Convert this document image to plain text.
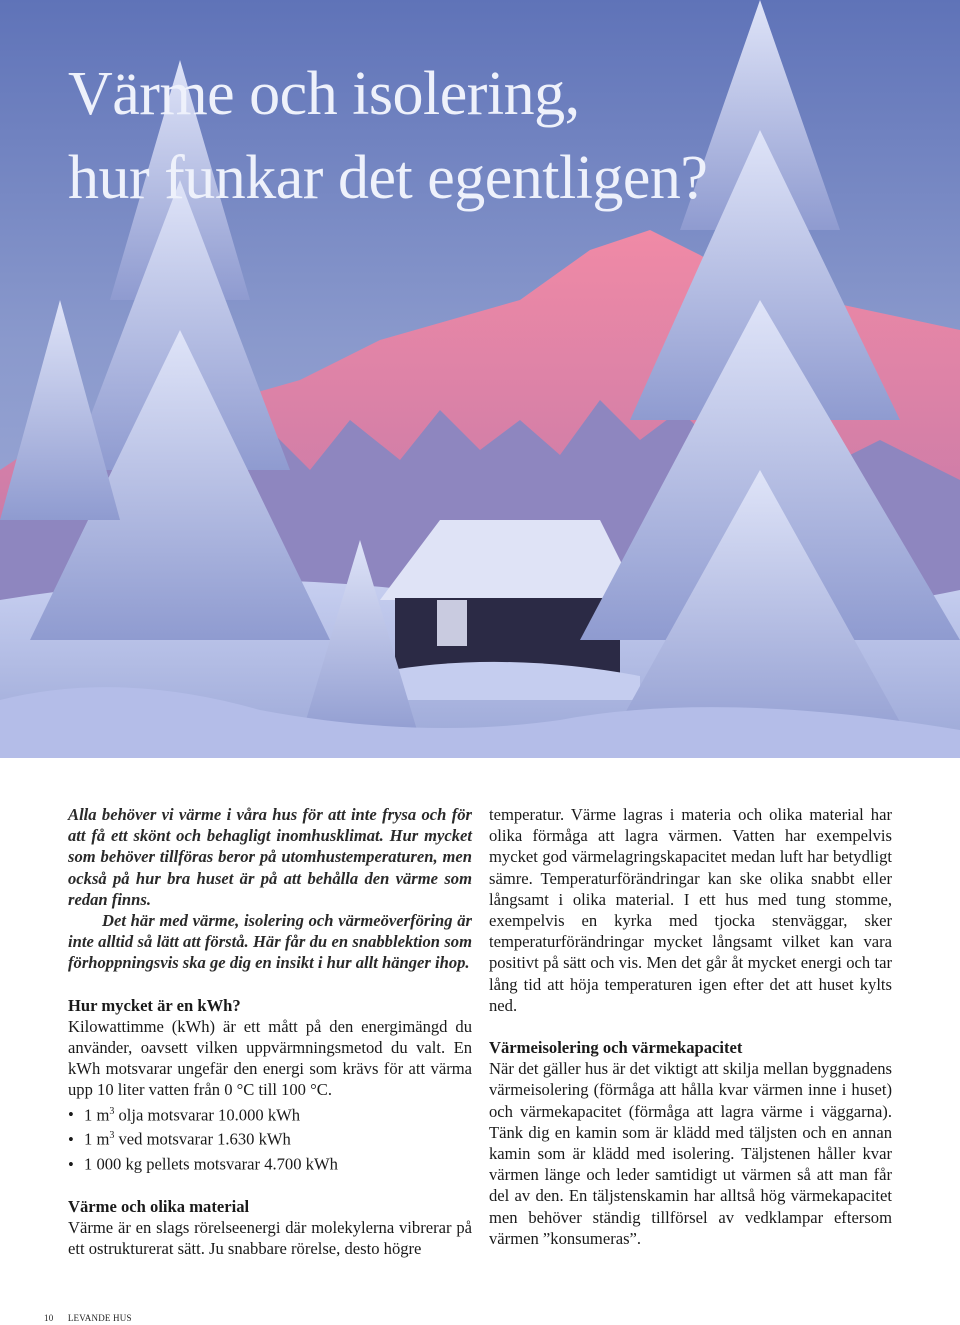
Värme och isolering,
hur funkar det egentligen?

Alla behöver vi värme i våra hus för att inte frysa och för att få ett skönt och behagligt inomhusklimat. Hur mycket som behöver tillföras beror på utomhustemperaturen, men också på hur bra huset är på att behålla den värme som redan finns.

Det här med värme, isolering och värmeöverföring är inte alltid så lätt att förstå. Här får du en snabblektion som förhoppningsvis ska ge dig en insikt i hur allt hänger ihop.

Hur mycket är en kWh?

Kilowattimme (kWh) är ett mått på den energimängd du använder, oavsett vilken uppvärmningsmetod du valt. En kWh motsvarar ungefär den energi som krävs för att värma upp 10 liter vatten från 0 °C till 100 °C.

• 1 $m^3$ olja motsvarar 10.000 kWh
• 1 $m^3$ ved motsvarar 1.630 kWh
• 1 000 kg pellets motsvarar 4.700 kWh
Värme och olika material

Värme är en slags rörelseenergi där molekylerna vibrerar på ett ostrukturerat sätt. Ju snabbare rörelse, desto högre

temperatur. Värme lagras i materia och olika material har olika förmåga att lagra värmen. Vatten har exempelvis mycket god värmelagringskapacitet medan luft har betydligt sämre. Temperaturförändringar kan ske olika snabbt eller långsamt i olika material. I ett hus med tung stomme, exempelvis en kyrka med tjocka stenväggar, sker temperaturförändringar mycket långsamt vilket kan vara positivt på sätt och vis. Men det går åt mycket energi och tar lång tid att höja temperaturen igen efter det att huset kylts ned.

Värmeisolering och värmekapacitet

När det gäller hus är det viktigt att skilja mellan byggnadens värmeisolering (förmåga att hålla kvar värmen inne i huset) och värmekapacitet (förmåga att lagra värme i väggarna). Tänk dig en kamin som är klädd med täljsten och en annan kamin som är klädd med isolering. Täljstenen håller kvar värmen länge och leder samtidigt ut värmen så att man får del av den. En täljstenskamin har alltså hög värmekapacitet men behöver ständig tillförsel av vedklampar eftersom värmen ”konsumeras”.

10 LEVANDE HUS
